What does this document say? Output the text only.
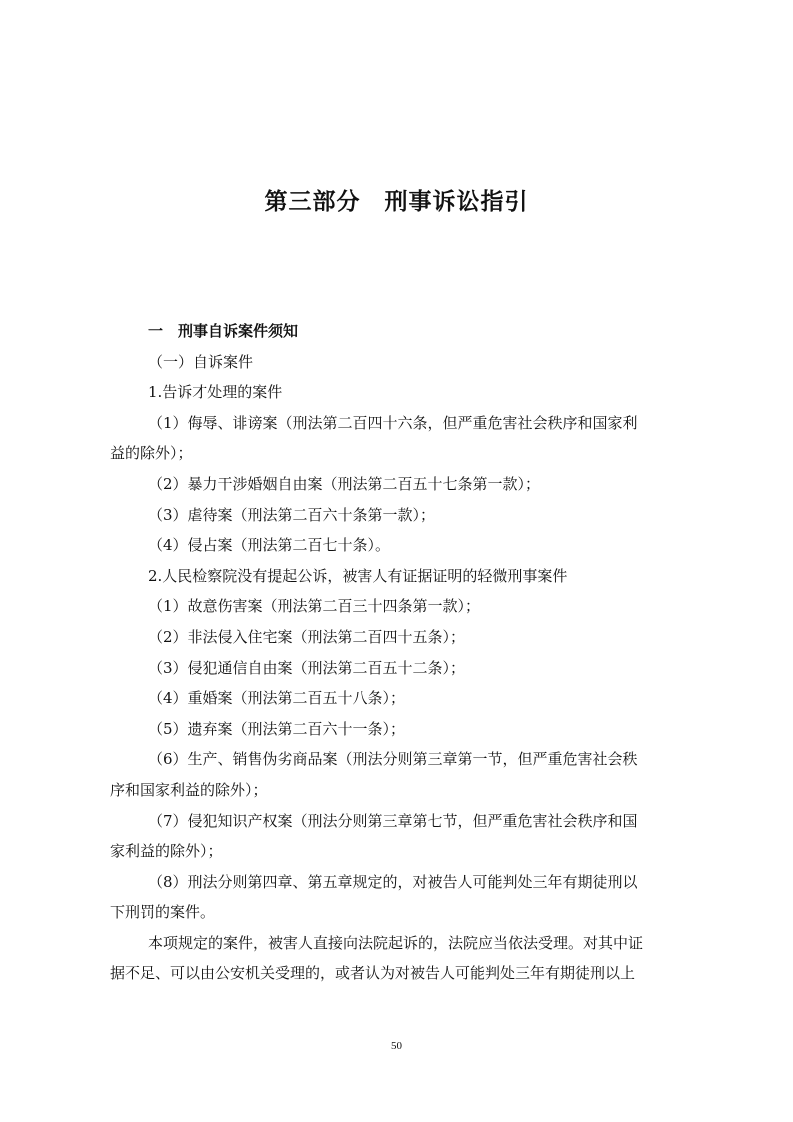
第三部分　刑事诉讼指引

一　刑事自诉案件须知

（一）自诉案件

1.告诉才处理的案件

（1）侮辱、诽谤案（刑法第二百四十六条，但严重危害社会秩序和国家利

益的除外）；

（2）暴力干涉婚姻自由案（刑法第二百五十七条第一款）；

（3）虐待案（刑法第二百六十条第一款）；

（4）侵占案（刑法第二百七十条）。

2.人民检察院没有提起公诉，被害人有证据证明的轻微刑事案件

（1）故意伤害案（刑法第二百三十四条第一款）；

（2）非法侵入住宅案（刑法第二百四十五条）；

（3）侵犯通信自由案（刑法第二百五十二条）；

（4）重婚案（刑法第二百五十八条）；

（5）遗弃案（刑法第二百六十一条）；

（6）生产、销售伪劣商品案（刑法分则第三章第一节，但严重危害社会秩

序和国家利益的除外）；

（7）侵犯知识产权案（刑法分则第三章第七节，但严重危害社会秩序和国

家利益的除外）；

（8）刑法分则第四章、第五章规定的，对被告人可能判处三年有期徒刑以

下刑罚的案件。

本项规定的案件，被害人直接向法院起诉的，法院应当依法受理。对其中证

据不足、可以由公安机关受理的，或者认为对被告人可能判处三年有期徒刑以上

50
